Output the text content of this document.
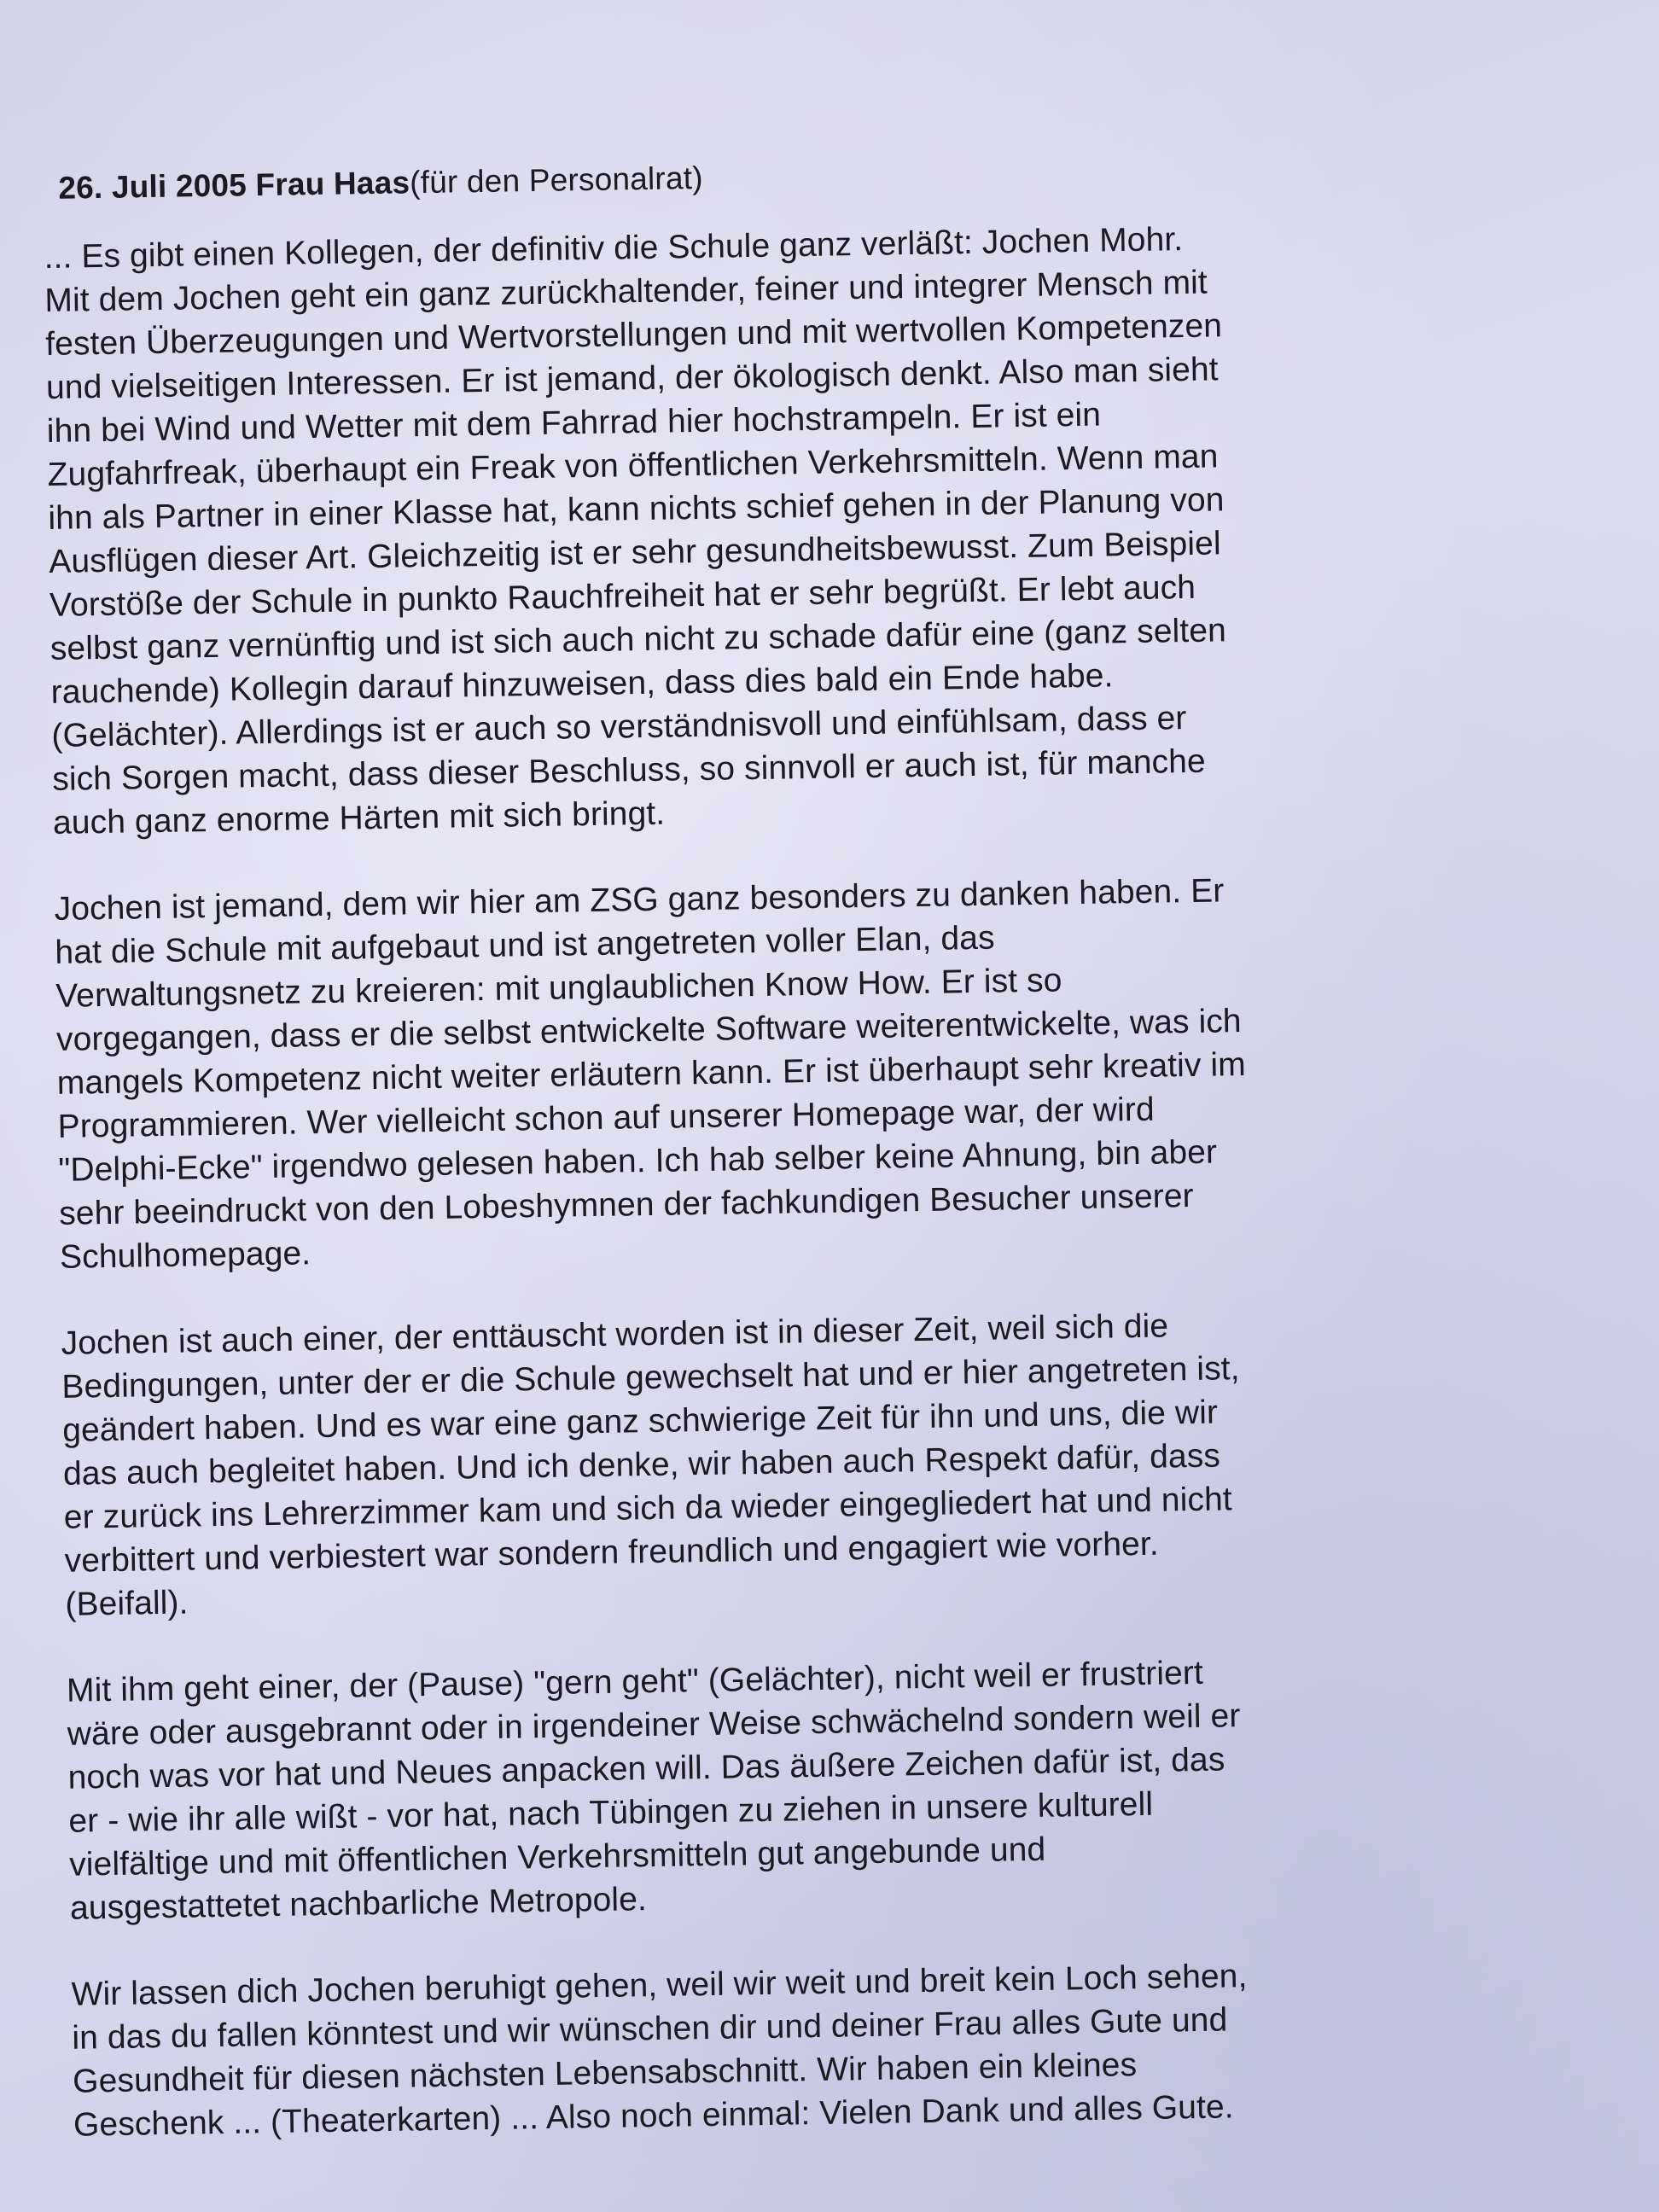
26. Juli 2005 Frau Haas(für den Personalrat)
... Es gibt einen Kollegen, der definitiv die Schule ganz verläßt: Jochen Mohr.
Mit dem Jochen geht ein ganz zurückhaltender, feiner und integrer Mensch mit
festen Überzeugungen und Wertvorstellungen und mit wertvollen Kompetenzen
und vielseitigen Interessen. Er ist jemand, der ökologisch denkt. Also man sieht
ihn bei Wind und Wetter mit dem Fahrrad hier hochstrampeln. Er ist ein
Zugfahrfreak, überhaupt ein Freak von öffentlichen Verkehrsmitteln. Wenn man
ihn als Partner in einer Klasse hat, kann nichts schief gehen in der Planung von
Ausflügen dieser Art. Gleichzeitig ist er sehr gesundheitsbewusst. Zum Beispiel
Vorstöße der Schule in punkto Rauchfreiheit hat er sehr begrüßt. Er lebt auch
selbst ganz vernünftig und ist sich auch nicht zu schade dafür eine (ganz selten
rauchende) Kollegin darauf hinzuweisen, dass dies bald ein Ende habe.
(Gelächter). Allerdings ist er auch so verständnisvoll und einfühlsam, dass er
sich Sorgen macht, dass dieser Beschluss, so sinnvoll er auch ist, für manche
auch ganz enorme Härten mit sich bringt.
Jochen ist jemand, dem wir hier am ZSG ganz besonders zu danken haben. Er
hat die Schule mit aufgebaut und ist angetreten voller Elan, das
Verwaltungsnetz zu kreieren: mit unglaublichen Know How. Er ist so
vorgegangen, dass er die selbst entwickelte Software weiterentwickelte, was ich
mangels Kompetenz nicht weiter erläutern kann. Er ist überhaupt sehr kreativ im
Programmieren. Wer vielleicht schon auf unserer Homepage war, der wird
"Delphi-Ecke" irgendwo gelesen haben. Ich hab selber keine Ahnung, bin aber
sehr beeindruckt von den Lobeshymnen der fachkundigen Besucher unserer
Schulhomepage.
Jochen ist auch einer, der enttäuscht worden ist in dieser Zeit, weil sich die
Bedingungen, unter der er die Schule gewechselt hat und er hier angetreten ist,
geändert haben. Und es war eine ganz schwierige Zeit für ihn und uns, die wir
das auch begleitet haben. Und ich denke, wir haben auch Respekt dafür, dass
er zurück ins Lehrerzimmer kam und sich da wieder eingegliedert hat und nicht
verbittert und verbiestert war sondern freundlich und engagiert wie vorher.
(Beifall).
Mit ihm geht einer, der (Pause) "gern geht" (Gelächter), nicht weil er frustriert
wäre oder ausgebrannt oder in irgendeiner Weise schwächelnd sondern weil er
noch was vor hat und Neues anpacken will. Das äußere Zeichen dafür ist, das
er - wie ihr alle wißt - vor hat, nach Tübingen zu ziehen in unsere kulturell
vielfältige und mit öffentlichen Verkehrsmitteln gut angebunde und
ausgestattetet nachbarliche Metropole.
Wir lassen dich Jochen beruhigt gehen, weil wir weit und breit kein Loch sehen,
in das du fallen könntest und wir wünschen dir und deiner Frau alles Gute und
Gesundheit für diesen nächsten Lebensabschnitt. Wir haben ein kleines
Geschenk ... (Theaterkarten) ... Also noch einmal: Vielen Dank und alles Gute.
